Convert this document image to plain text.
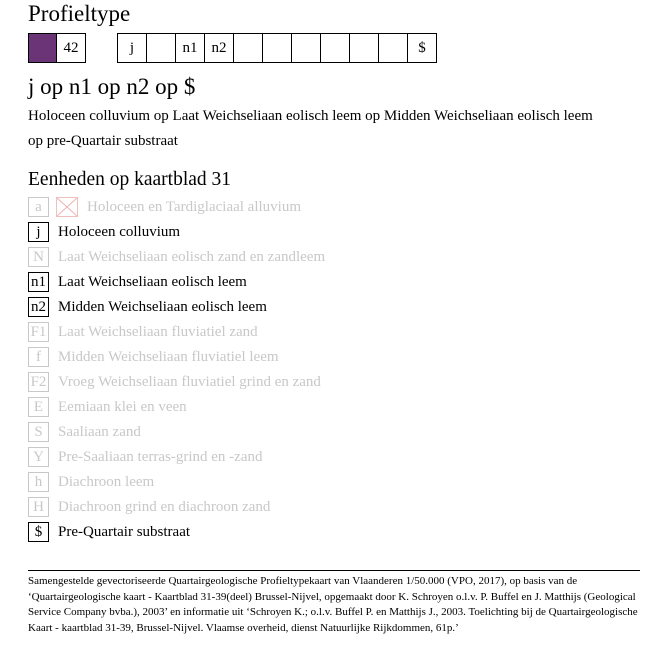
Profieltype
42	j	n1 n2	$
j op n1 op n2 op $
Holoceen colluvium op Laat Weichseliaan eolisch leem op Midden Weichseliaan eolisch leem op pre-Quartair substraat
Eenheden op kaartblad 31
a	Holoceen en Tardiglaciaal alluvium
j	Holoceen colluvium
N Laat Weichseliaan eolisch zand en zandleem
n1 Laat Weichseliaan eolisch leem
n2 Midden Weichseliaan eolisch leem
F1 Laat Weichseliaan fluviatiel zand
f	Midden Weichseliaan fluviatiel leem
F2 Vroeg Weichseliaan fluviatiel grind en zand
E Eemiaan klei en veen
S	Saaliaan zand
Y Pre-Saaliaan terras-grind en -zand
h	Diachroon leem
H Diachroon grind en diachroon zand
$	Pre-Quartair substraat
Samengestelde gevectoriseerde Quartairgeologische Profieltypekaart van Vlaanderen 1/50.000 (VPO, 2017), op basis van de ‘Quartairgeologische kaart - Kaartblad 31-39(deel) Brussel-Nijvel, opgemaakt door K. Schroyen o.l.v. P. Buffel en J. Matthijs (Geological Service Company bvba.), 2003’ en informatie uit ‘Schroyen K.; o.l.v. Buffel P. en Matthijs J., 2003. Toelichting bij de Quartairgeologische Kaart - kaartblad 31-39, Brussel-Nijvel. Vlaamse overheid, dienst Natuurlijke Rijkdommen, 61p.’
